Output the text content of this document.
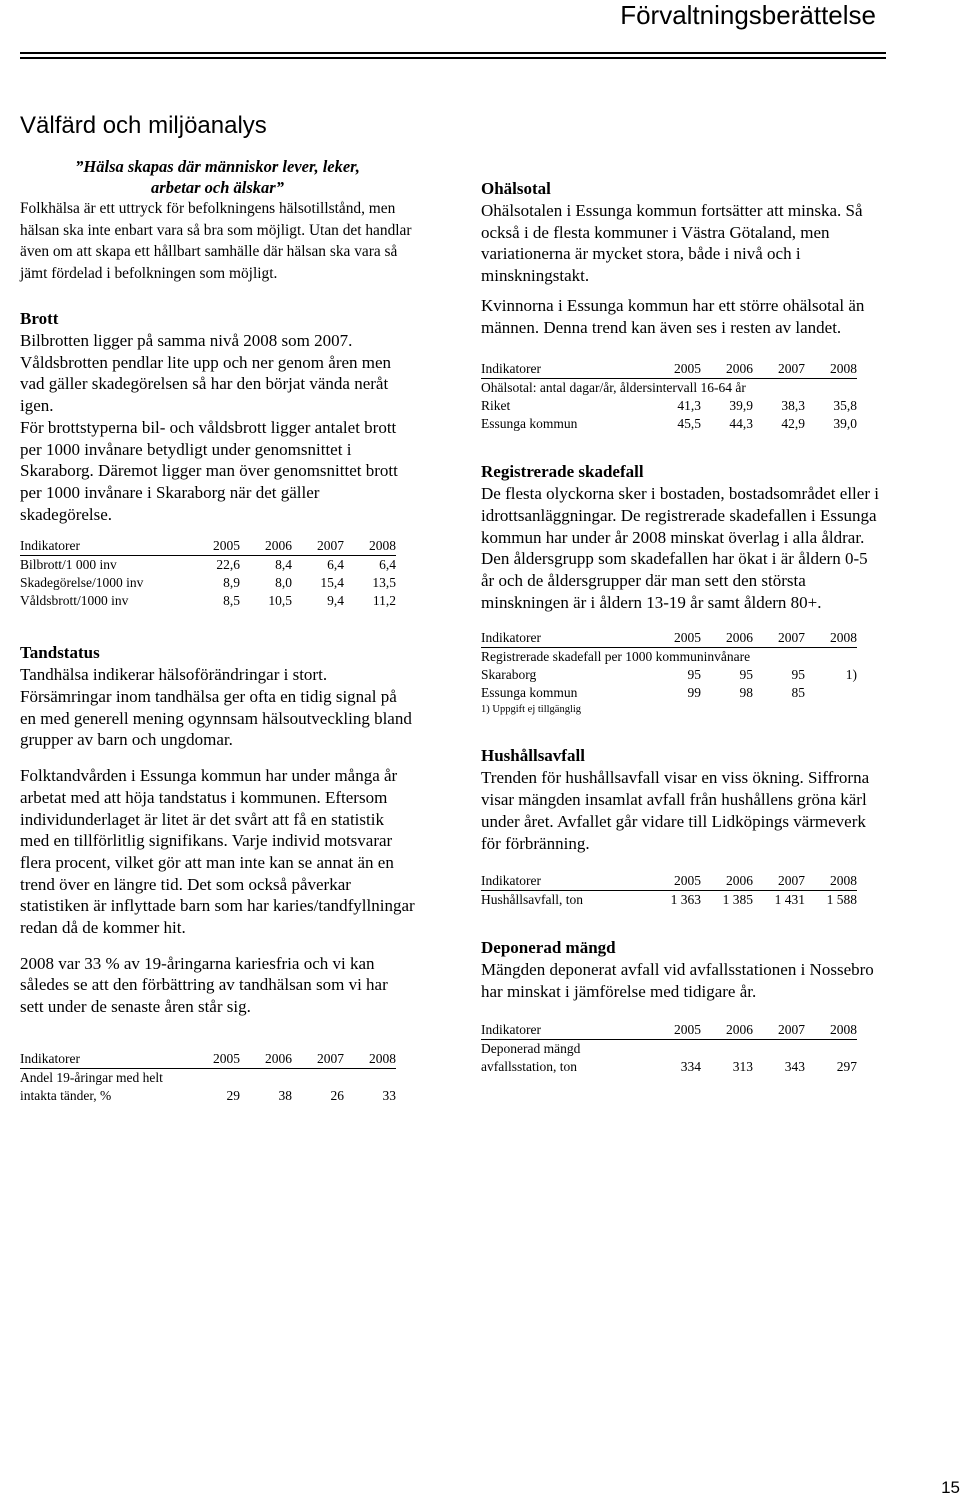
Förvaltningsberättelse
Välfärd och miljöanalys

”Hälsa skapas där människor lever, leker,

arbetar och älskar”

Folkhälsa är ett uttryck för befolkningens hälsotillstånd, men hälsan ska inte enbart vara så bra som möjligt. Utan det handlar även om att skapa ett hållbart samhälle där hälsan ska vara så jämt fördelad i befolkningen som möjligt.

Brott

Bilbrotten ligger på samma nivå 2008 som 2007.
Våldsbrotten pendlar lite upp och ner genom åren men vad gäller skadegörelsen så har den börjat vända neråt igen.
För brottstyperna bil- och våldsbrott ligger antalet brott per 1000 invånare betydligt under genomsnittet i Skaraborg. Däremot ligger man över genomsnittet brott per 1000 invånare i Skaraborg när det gäller skadegörelse.

Indikatorer	2005	2006	2007	2008
Bilbrott/1 000 inv	22,6	8,4	6,4	6,4
Skadegörelse/1000 inv	8,9	8,0	15,4	13,5
Våldsbrott/1000 inv	8,5	10,5	9,4	11,2

Tandstatus

Tandhälsa indikerar hälsoförändringar i stort. Försämringar inom tandhälsa ger ofta en tidig signal på en med generell mening ogynnsam hälsoutveckling bland grupper av barn och ungdomar.

Folktandvården i Essunga kommun har under många år arbetat med att höja tandstatus i kommunen. Eftersom individunderlaget är litet är det svårt att få en statistik med en tillförlitlig signifikans. Varje individ motsvarar flera procent, vilket gör att man inte kan se annat än en trend över en längre tid. Det som också påverkar statistiken är inflyttade barn som har karies/tandfyllningar redan då de kommer hit.

2008 var 33 % av 19-åringarna kariesfria och vi kan således se att den förbättring av tandhälsan som vi har sett under de senaste åren står sig.

Indikatorer	2005	2006	2007	2008
Andel 19-åringar med helt
intakta tänder, %	29	38	26	33

Ohälsotal

Ohälsotalen i Essunga kommun fortsätter att minska. Så också i de flesta kommuner i Västra Götaland, men variationerna är mycket stora, både i nivå och i minskningstakt.

Kvinnorna i Essunga kommun har ett större ohälsotal än männen. Denna trend kan även ses i resten av landet.

Indikatorer	2005	2006	2007	2008
Ohälsotal: antal dagar/år, åldersintervall 16-64 år
Riket	41,3	39,9	38,3	35,8
Essunga kommun	45,5	44,3	42,9	39,0

Registrerade skadefall

De flesta olyckorna sker i bostaden, bostadsområdet eller i idrottsanläggningar. De registrerade skadefallen i Essunga kommun har under år 2008 minskat överlag i alla åldrar. Den åldersgrupp som skadefallen har ökat i är åldern 0-5 år och de åldersgrupper där man sett den största minskningen är i åldern 13-19 år samt åldern 80+.

Indikatorer	2005	2006	2007	2008
Registrerade skadefall per 1000 kommuninvånare
Skaraborg	95	95	95	1)
Essunga kommun	99	98	85
1) Uppgift ej tillgänglig

Hushållsavfall

Trenden för hushållsavfall visar en viss ökning. Siffrorna visar mängden insamlat avfall från hushållens gröna kärl under året. Avfallet går vidare till Lidköpings värmeverk för förbränning.

Indikatorer	2005	2006	2007	2008
Hushållsavfall, ton	1 363	1 385	1 431	1 588

Deponerad mängd

Mängden deponerat avfall vid avfallsstationen i Nossebro har minskat i jämförelse med tidigare år.

Indikatorer	2005	2006	2007	2008
Deponerad mängd
avfallsstation, ton	334	313	343	297
15
